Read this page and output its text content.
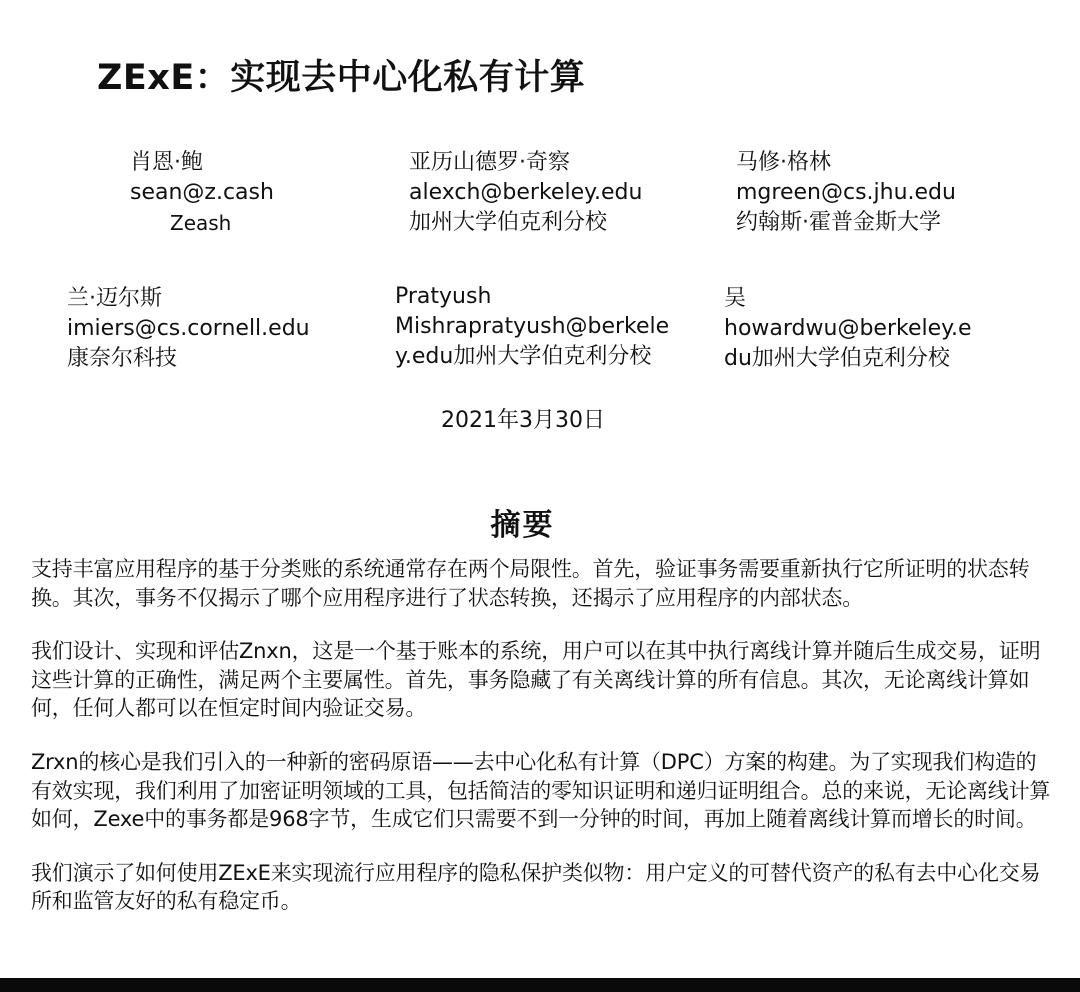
ZExE：实现去中心化私有计算
肖恩·鲍
sean@z.cash
Zeash
亚历山德罗·奇察
alexch@berkeley.edu
加州大学伯克利分校
马修·格林
mgreen@cs.jhu.edu
约翰斯·霍普金斯大学
兰·迈尔斯
imiers@cs.cornell.edu
康奈尔科技
Pratyush
Mishrapratyush@berkele
y.edu加州大学伯克利分校
吴
howardwu@berkeley.e
du加州大学伯克利分校
2021年3月30日
摘要

支持丰富应用程序的基于分类账的系统通常存在两个局限性。首先，验证事务需要重新执行它所证明的状态转换。其次，事务不仅揭示了哪个应用程序进行了状态转换，还揭示了应用程序的内部状态。

我们设计、实现和评估Znxn，这是一个基于账本的系统，用户可以在其中执行离线计算并随后生成交易，证明这些计算的正确性，满足两个主要属性。首先，事务隐藏了有关离线计算的所有信息。其次，无论离线计算如何，任何人都可以在恒定时间内验证交易。

Zrxn的核心是我们引入的一种新的密码原语——去中心化私有计算（DPC）方案的构建。为了实现我们构造的有效实现，我们利用了加密证明领域的工具，包括简洁的零知识证明和递归证明组合。总的来说，无论离线计算如何，Zexe中的事务都是968字节，生成它们只需要不到一分钟的时间，再加上随着离线计算而增长的时间。

我们演示了如何使用ZExE来实现流行应用程序的隐私保护类似物：用户定义的可替代资产的私有去中心化交易所和监管友好的私有稳定币。
